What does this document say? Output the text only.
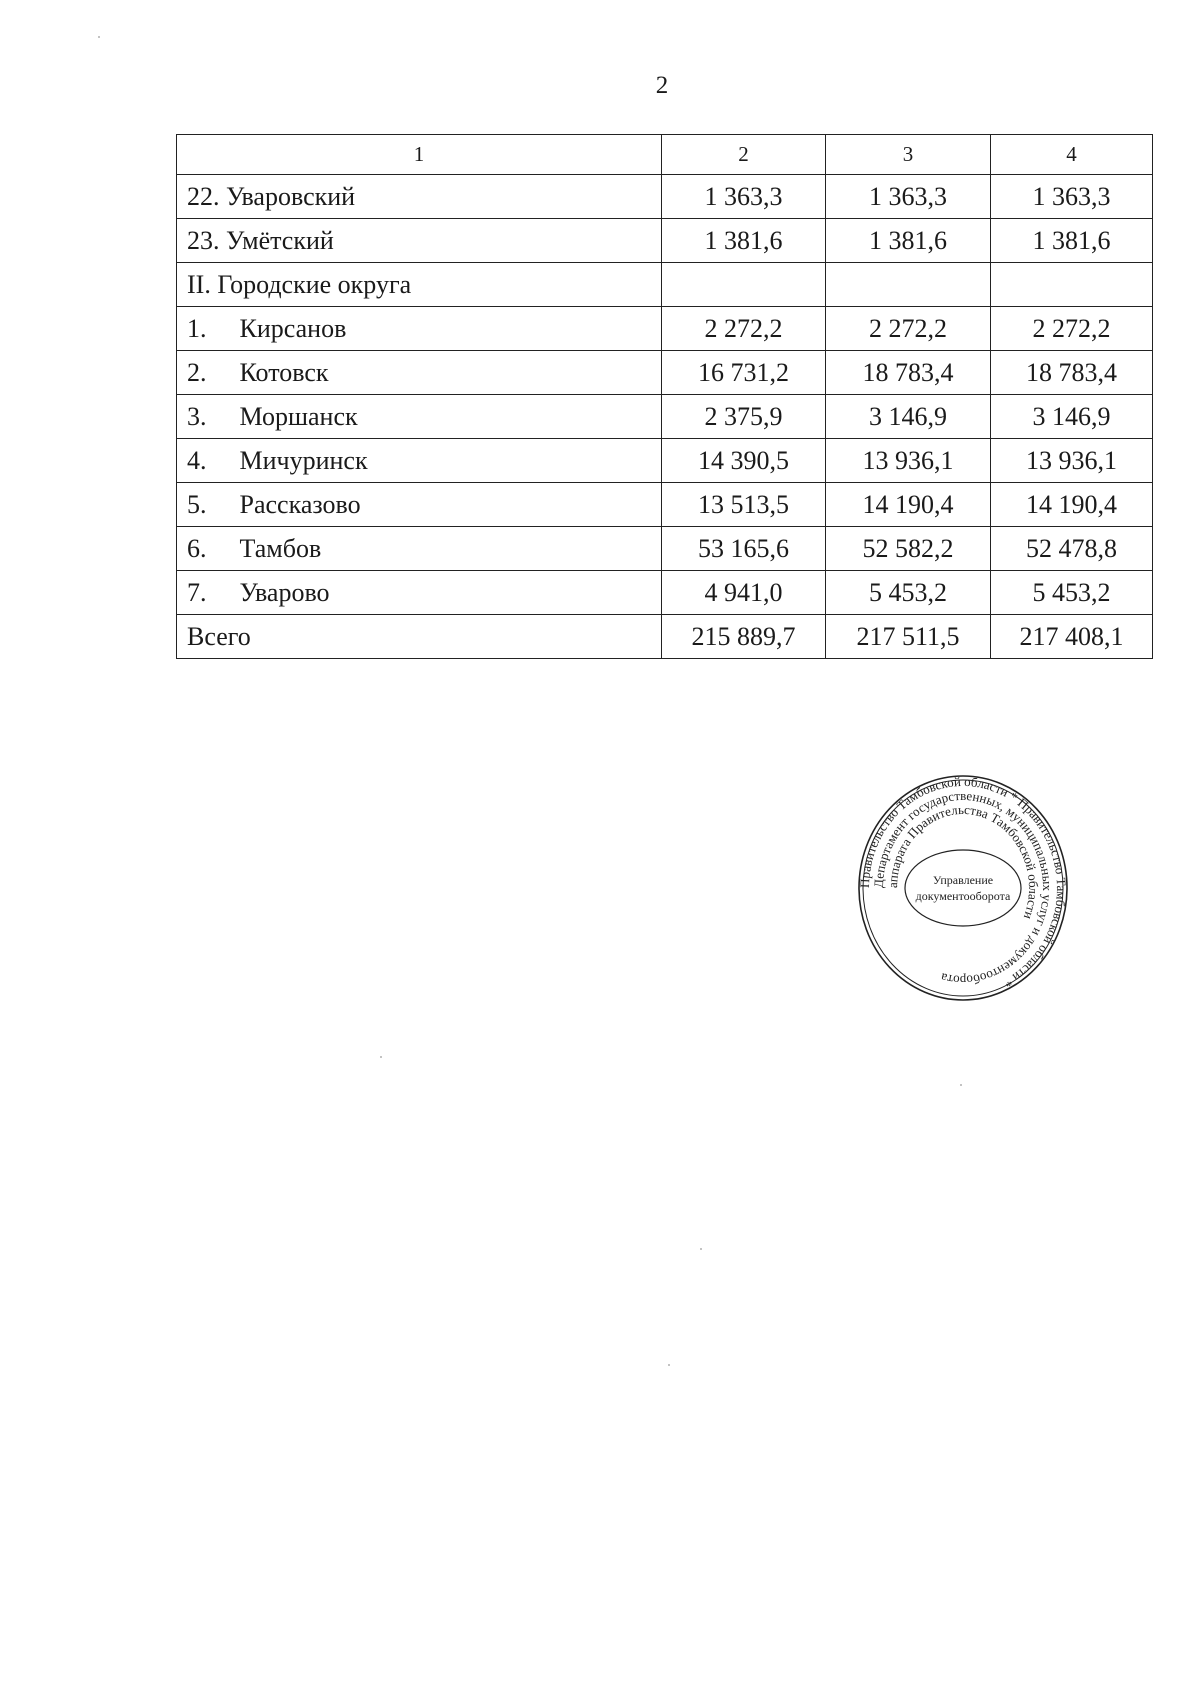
2
1	2	3	4
22. Уваровский	1 363,3	1 363,3	1 363,3
23. Умётский	1 381,6	1 381,6	1 381,6
II. Городские округа			
1. Кирсанов	2 272,2	2 272,2	2 272,2
2. Котовск	16 731,2	18 783,4	18 783,4
3. Моршанск	2 375,9	3 146,9	3 146,9
4. Мичуринск	14 390,5	13 936,1	13 936,1
5. Рассказово	13 513,5	14 190,4	14 190,4
6. Тамбов	53 165,6	52 582,2	52 478,8
7. Уварово	4 941,0	5 453,2	5 453,2
Всего	215 889,7	217 511,5	217 408,1
Правительство Тамбовской области * Правительство Тамбовской области *
Департамент государственных, муниципальных услуг и документооборота
аппарата Правительства Тамбовской области
Управление
документооборота
